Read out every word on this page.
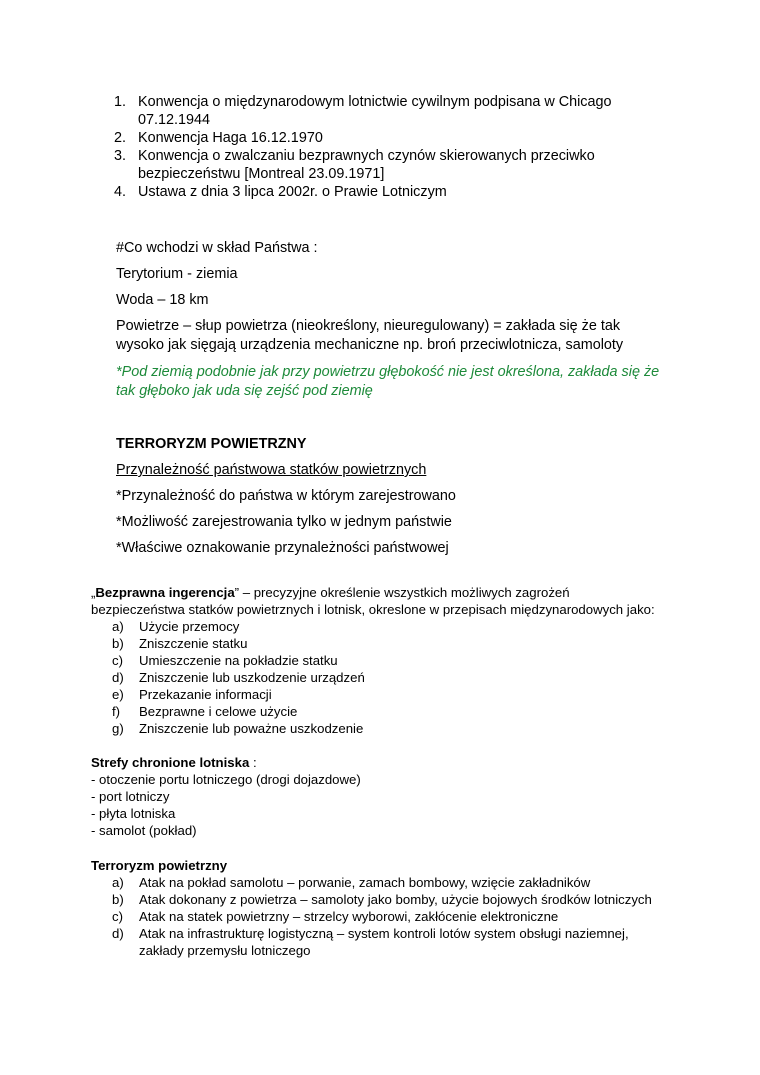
1. Konwencja o międzynarodowym lotnictwie cywilnym podpisana w Chicago 07.12.1944
2. Konwencja Haga 16.12.1970
3. Konwencja o zwalczaniu bezprawnych czynów skierowanych przeciwko bezpieczeństwu [Montreal 23.09.1971]
4. Ustawa z dnia 3 lipca 2002r. o Prawie Lotniczym
#Co wchodzi w skład Państwa :
Terytorium - ziemia
Woda – 18 km
Powietrze – słup powietrza (nieokreślony, nieuregulowany) = zakłada się że tak wysoko jak sięgają urządzenia mechaniczne np. broń przeciwlotnicza, samoloty
*Pod ziemią podobnie jak przy powietrzu głębokość nie jest określona, zakłada się że tak głęboko jak uda się zejść pod ziemię
TERRORYZM POWIETRZNY
Przynależność państwowa statków powietrznych
*Przynależność do państwa w którym zarejestrowano
*Możliwość zarejestrowania tylko w jednym państwie
*Właściwe oznakowanie przynależności państwowej
„Bezprawna ingerencja” – precyzyjne określenie wszystkich możliwych zagrożeń bezpieczeństwa statków powietrznych i lotnisk, okreslone w przepisach międzynarodowych jako:
a) Użycie przemocy
b) Zniszczenie statku
c) Umieszczenie na pokładzie statku
d) Zniszczenie lub uszkodzenie urządzeń
e) Przekazanie informacji
f) Bezprawne i celowe użycie
g) Zniszczenie lub poważne uszkodzenie
Strefy chronione lotniska :
- otoczenie portu lotniczego (drogi dojazdowe)
- port lotniczy
- płyta lotniska
- samolot (pokład)
Terroryzm powietrzny
a) Atak na pokład samolotu – porwanie, zamach bombowy, wzięcie zakładników
b) Atak dokonany z powietrza – samoloty jako bomby, użycie bojowych środków lotniczych
c) Atak na statek powietrzny – strzelcy wyborowi, zakłócenie elektroniczne
d) Atak na infrastrukturę logistyczną – system kontroli lotów system obsługi naziemnej, zakłady przemysłu lotniczego
